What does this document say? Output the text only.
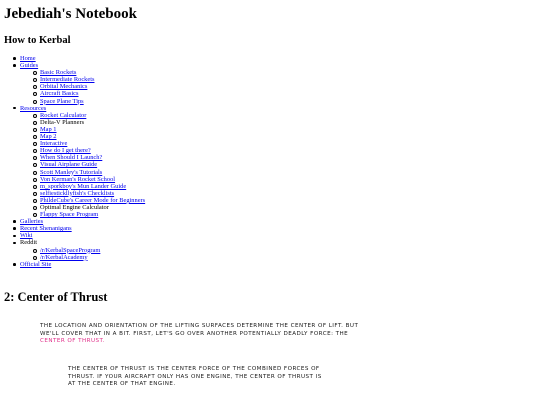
Jebediah's Notebook
How to Kerbal
Home
Guides
Basic Rockets
Intermediate Rockets
Orbital Mechanics
Aircraft Basics
Space Plane Tips
Resources
Rocket Calculator
Delta-V Planners
Map 1
Map 2
Interactive
How do I get there?
When Should I Launch?
Visual Airplane Guide
Scott Manley's Tutorials
Von Kerman's Rocket School
m_sporkboy's Mun Lander Guide
selfiestickllyfish's Checklists
PhildeCube's Career Mode for Beginners
Optimal Engine Calculator
Flappy Space Program
Galleries
Recent Shenanigans
Wiki
Reddit
/r/KerbalSpaceProgram
/r/KerbalAcademy
Official Site
2: Center of Thrust
THE LOCATION AND ORIENTATION OF THE LIFTING SURFACES DETERMINE THE CENTER OF LIFT. BUT
WE'LL COVER THAT IN A BIT. FIRST, LET'S GO OVER ANOTHER POTENTIALLY DEADLY FORCE: THE
CENTER OF THRUST.
THE CENTER OF THRUST IS THE CENTER FORCE OF THE COMBINED FORCES OF
THRUST. IF YOUR AIRCRAFT ONLY HAS ONE ENGINE, THE CENTER OF THRUST IS
AT THE CENTER OF THAT ENGINE.
